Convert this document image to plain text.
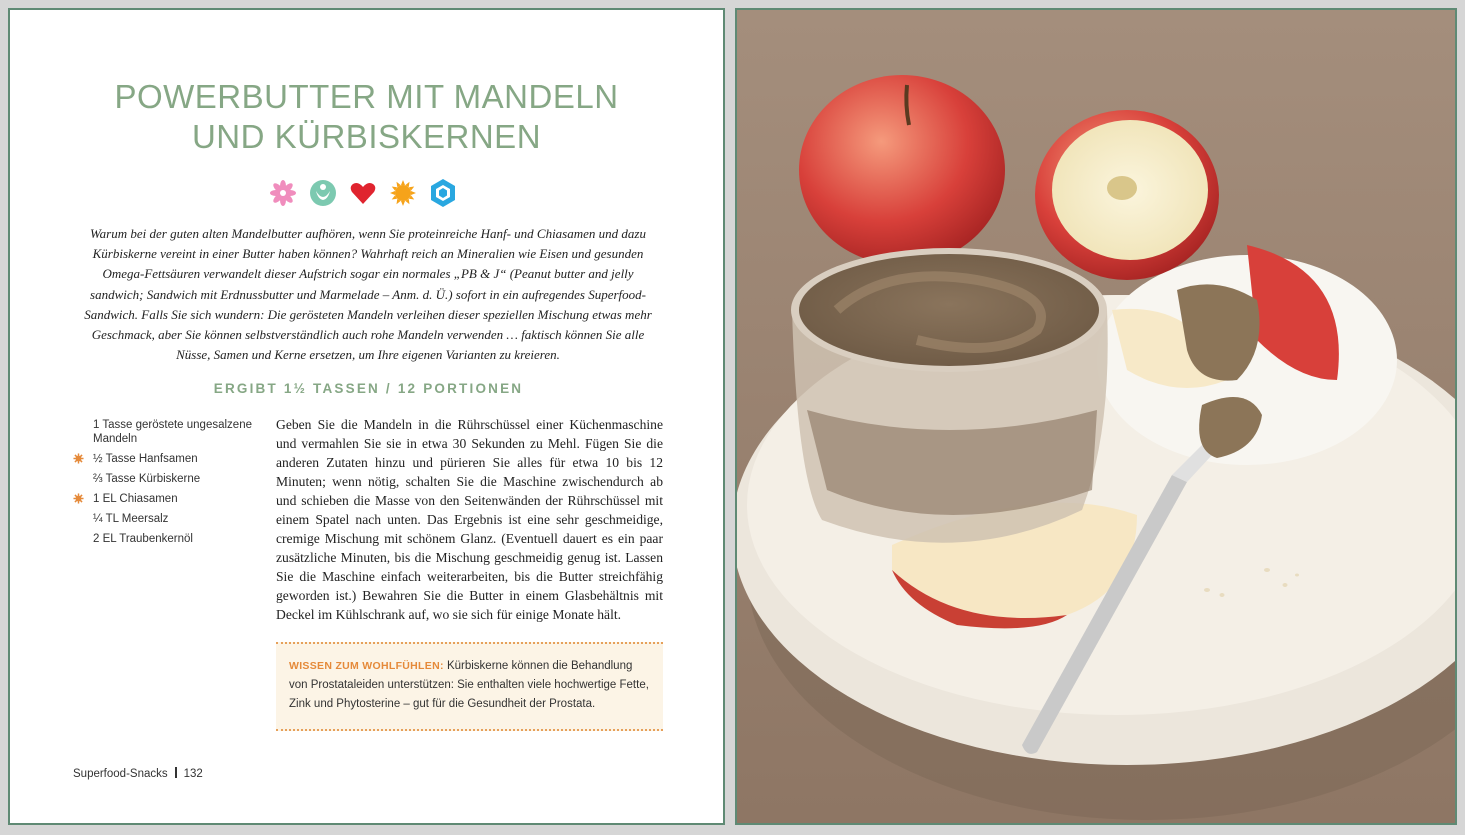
POWERBUTTER MIT MANDELN
UND KÜRBISKERNEN

Warum bei der guten alten Mandelbutter aufhören, wenn Sie proteinreiche Hanf- und Chiasamen und dazu Kürbiskerne vereint in einer Butter haben können? Wahrhaft reich an Mineralien wie Eisen und gesunden Omega-Fettsäuren verwandelt dieser Aufstrich sogar ein normales „PB & J“ (Peanut butter and jelly sandwich; Sandwich mit Erdnussbutter und Marmelade – Anm. d. Ü.) sofort in ein aufregendes Superfood-Sandwich. Falls Sie sich wundern: Die gerösteten Mandeln verleihen dieser speziellen Mischung etwas mehr Geschmack, aber Sie können selbstverständlich auch rohe Mandeln verwenden … faktisch können Sie alle Nüsse, Samen und Kerne ersetzen, um Ihre eigenen Varianten zu kreieren.

ERGIBT 1½ TASSEN / 12 PORTIONEN
1 Tasse geröstete ungesalzene Mandeln
½ Tasse Hanfsamen
⅔ Tasse Kürbiskerne
1 EL Chiasamen
¼ TL Meersalz
2 EL Traubenkernöl

Geben Sie die Mandeln in die Rührschüssel einer Küchenmaschine und vermahlen Sie sie in etwa 30 Sekunden zu Mehl. Fügen Sie die anderen Zutaten hinzu und pürieren Sie alles für etwa 10 bis 12 Minuten; wenn nötig, schalten Sie die Maschine zwischendurch ab und schieben die Masse von den Seitenwänden der Rührschüssel mit einem Spatel nach unten. Das Ergebnis ist eine sehr geschmeidige, cremige Mischung mit schönem Glanz. (Eventuell dauert es ein paar zusätzliche Minuten, bis die Mischung geschmeidig genug ist. Lassen Sie die Maschine einfach weiterarbeiten, bis die Butter streichfähig geworden ist.) Bewahren Sie die Butter in einem Glasbehältnis mit Deckel im Kühlschrank auf, wo sie sich für einige Monate hält.

WISSEN ZUM WOHLFÜHLEN: Kürbiskerne können die Behandlung von Prostataleiden unterstützen: Sie enthalten viele hochwertige Fette, Zink und Phytosterine – gut für die Gesundheit der Prostata.
Superfood-Snacks 132
